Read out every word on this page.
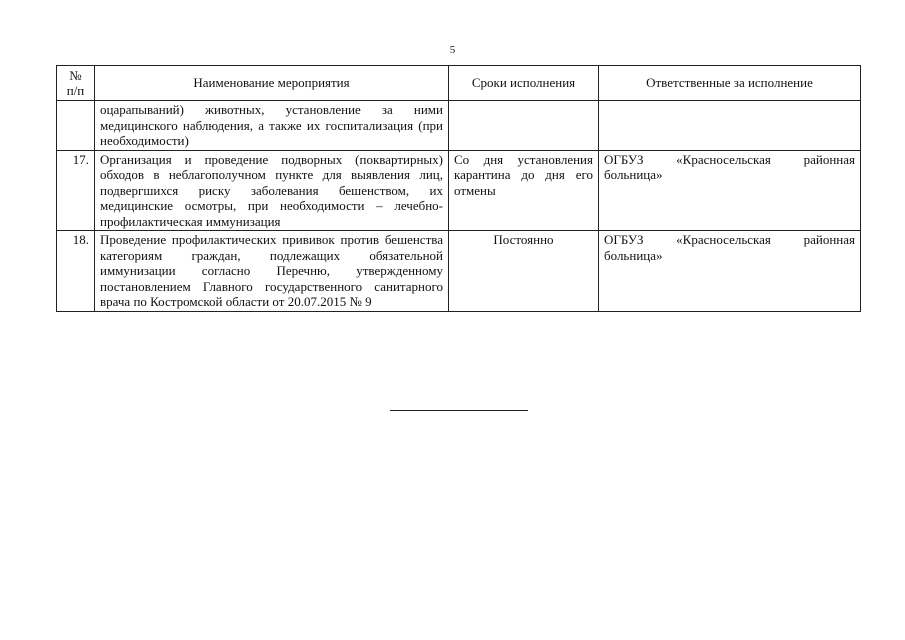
5
№
п/п	Наименование мероприятия	Сроки исполнения	Ответственные за исполнение
	оцарапываний) животных, установление за ними медицинского наблюдения, а также их госпитализация (при необходимости)		
17.	Организация и проведение подворных (поквартирных) обходов в неблагополучном пункте для выявления лиц, подвергшихся риску заболевания бешенством, их медицинские осмотры, при необходимости – лечебно-профилактическая иммунизация	Со дня установления карантина до дня его отмены	ОГБУЗ «Красносельская районная больница»
18.	Проведение профилактических прививок против бешенства категориям граждан, подлежащих обязательной иммунизации согласно Перечню, утвержденному постановлением Главного государственного санитарного врача по Костромской области от 20.07.2015 № 9	Постоянно	ОГБУЗ «Красносельская районная больница»
